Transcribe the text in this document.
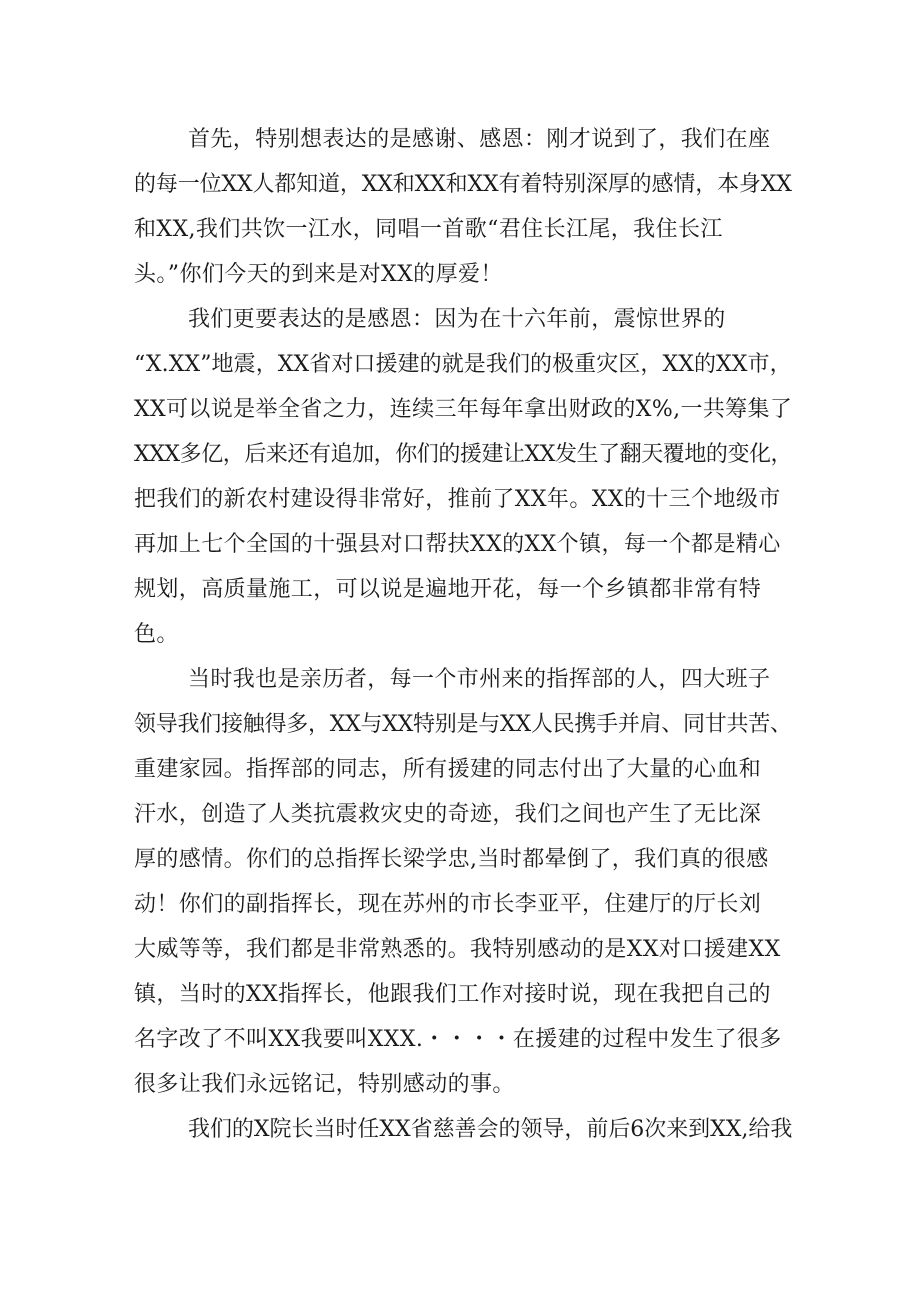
首先，特别想表达的是感谢、感恩：刚才说到了，我们在座
的每一位XX人都知道，XX和XX和XX有着特别深厚的感情，本身XX
和XX,我们共饮一江水，同唱一首歌“君住长江尾，我住长江
头。”你们今天的到来是对XX的厚爱！
我们更要表达的是感恩：因为在十六年前，震惊世界的
“X.XX”地震，XX省对口援建的就是我们的极重灾区，XX的XX市，
XX可以说是举全省之力，连续三年每年拿出财政的X%,一共筹集了
XXX多亿，后来还有追加，你们的援建让XX发生了翻天覆地的变化，
把我们的新农村建设得非常好，推前了XX年。XX的十三个地级市
再加上七个全国的十强县对口帮扶XX的XX个镇，每一个都是精心
规划，高质量施工，可以说是遍地开花，每一个乡镇都非常有特
色。
当时我也是亲历者，每一个市州来的指挥部的人，四大班子
领导我们接触得多，XX与XX特别是与XX人民携手并肩、同甘共苦、
重建家园。指挥部的同志，所有援建的同志付出了大量的心血和
汗水，创造了人类抗震救灾史的奇迹，我们之间也产生了无比深
厚的感情。你们的总指挥长梁学忠,当时都晕倒了，我们真的很感
动！你们的副指挥长，现在苏州的市长李亚平，住建厅的厅长刘
大威等等，我们都是非常熟悉的。我特别感动的是XX对口援建XX
镇，当时的XX指挥长，他跟我们工作对接时说，现在我把自己的
名字改了不叫XX我要叫XXX.・・・・在援建的过程中发生了很多
很多让我们永远铭记，特别感动的事。
我们的X院长当时任XX省慈善会的领导，前后6次来到XX,给我
